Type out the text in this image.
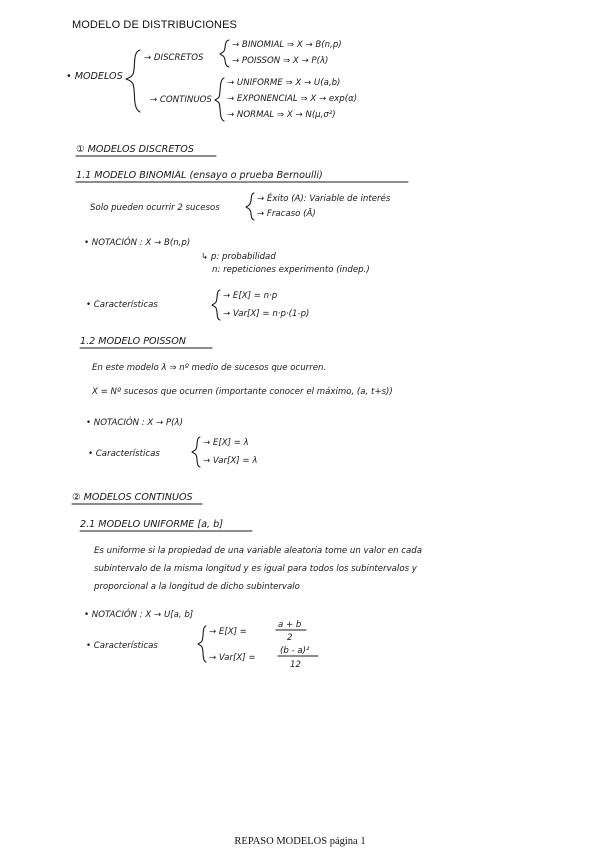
MODELO DE DISTRIBUCIONES
• MODELOS
→ DISCRETOS
→ BINOMIAL ⇒ X → B(n,p)
→ POISSON ⇒ X → P(λ)
→ CONTINUOS
→ UNIFORME ⇒ X → U(a,b)
→ EXPONENCIAL ⇒ X → exp(α)
→ NORMAL ⇒ X → N(μ,σ²)
① MODELOS DISCRETOS
1.1 MODELO BINOMIAL (ensayo o prueba Bernoulli)
Solo pueden ocurrir 2 sucesos
→ Éxito (A): Variable de interés
→ Fracaso (Ā)
• NOTACIÓN : X → B(n,p)
↳ p: probabilidad
n: repeticiones experimento (indep.)
• Características
→ E[X] = n·p
→ Var[X] = n·p·(1-p)
1.2 MODELO POISSON
En este modelo λ ⇒ nº medio de sucesos que ocurren.
X = Nº sucesos que ocurren (importante conocer el máximo, (a, t+s))
• NOTACIÓN : X → P(λ)
• Características
→ E[X] = λ
→ Var[X] = λ
② MODELOS CONTINUOS
2.1 MODELO UNIFORME [a, b]
Es uniforme si la propiedad de una variable aleatoria tome un valor en cada
subintervalo de la misma longitud y es igual para todos los subintervalos y
proporcional a la longitud de dicho subintervalo
• NOTACIÓN : X → U[a, b]
• Características
→ E[X] =
a + b
2
→ Var[X] =
(b - a)²
12
REPASO MODELOS página 1
